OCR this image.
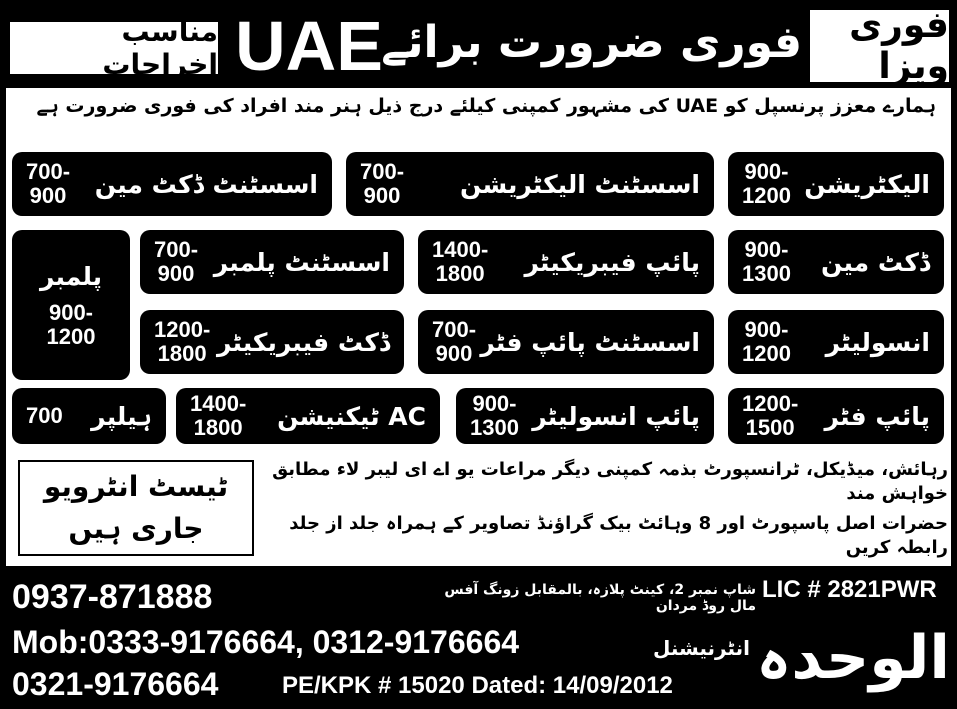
فوری ویزا
فوری ضرورت برائے
UAE
مناسب اخراجات
ہمارے معزز پرنسپل کو UAE کی مشہور کمپنی کیلئے درج ذیل ہنر مند افراد کی فوری ضرورت ہے
900-
1200 الیکٹریشن
700-
900 اسسٹنٹ الیکٹریشن
700-
900 اسسٹنٹ ڈکٹ مین
900-
1300 ڈکٹ مین
1400-
1800 پائپ فیبریکیٹر
700-
900 اسسٹنٹ پلمبر
پلمبر
900-
1200	900-
1200 انسولیٹر
700-
900 اسسٹنٹ پائپ فٹر
1200-
1800 ڈکٹ فیبریکیٹر
1200-
1500 پائپ فٹر
900-
1300 پائپ انسولیٹر
1400-
1800 AC ٹیکنیشن
700 ہیلپر
رہائش، میڈیکل، ٹرانسپورٹ بذمہ کمپنی دیگر مراعات یو اے ای لیبر لاء مطابق خواہش مند
حضرات اصل پاسپورٹ اور 8 وہائٹ بیک گراؤنڈ تصاویر کے ہمراہ جلد از جلد رابطہ کریں
ٹیسٹ انٹرویو
جاری ہیں
LIC # 2821PWR
شاپ نمبر 2، کینٹ پلازہ، بالمقابل زونگ آفس مال روڈ مردان
0937-871888
Mob:0333-9176664, 0312-9176664
0321-9176664	PE/KPK # 15020 Dated: 14/09/2012 الوحدہ
انٹرنیشنل
